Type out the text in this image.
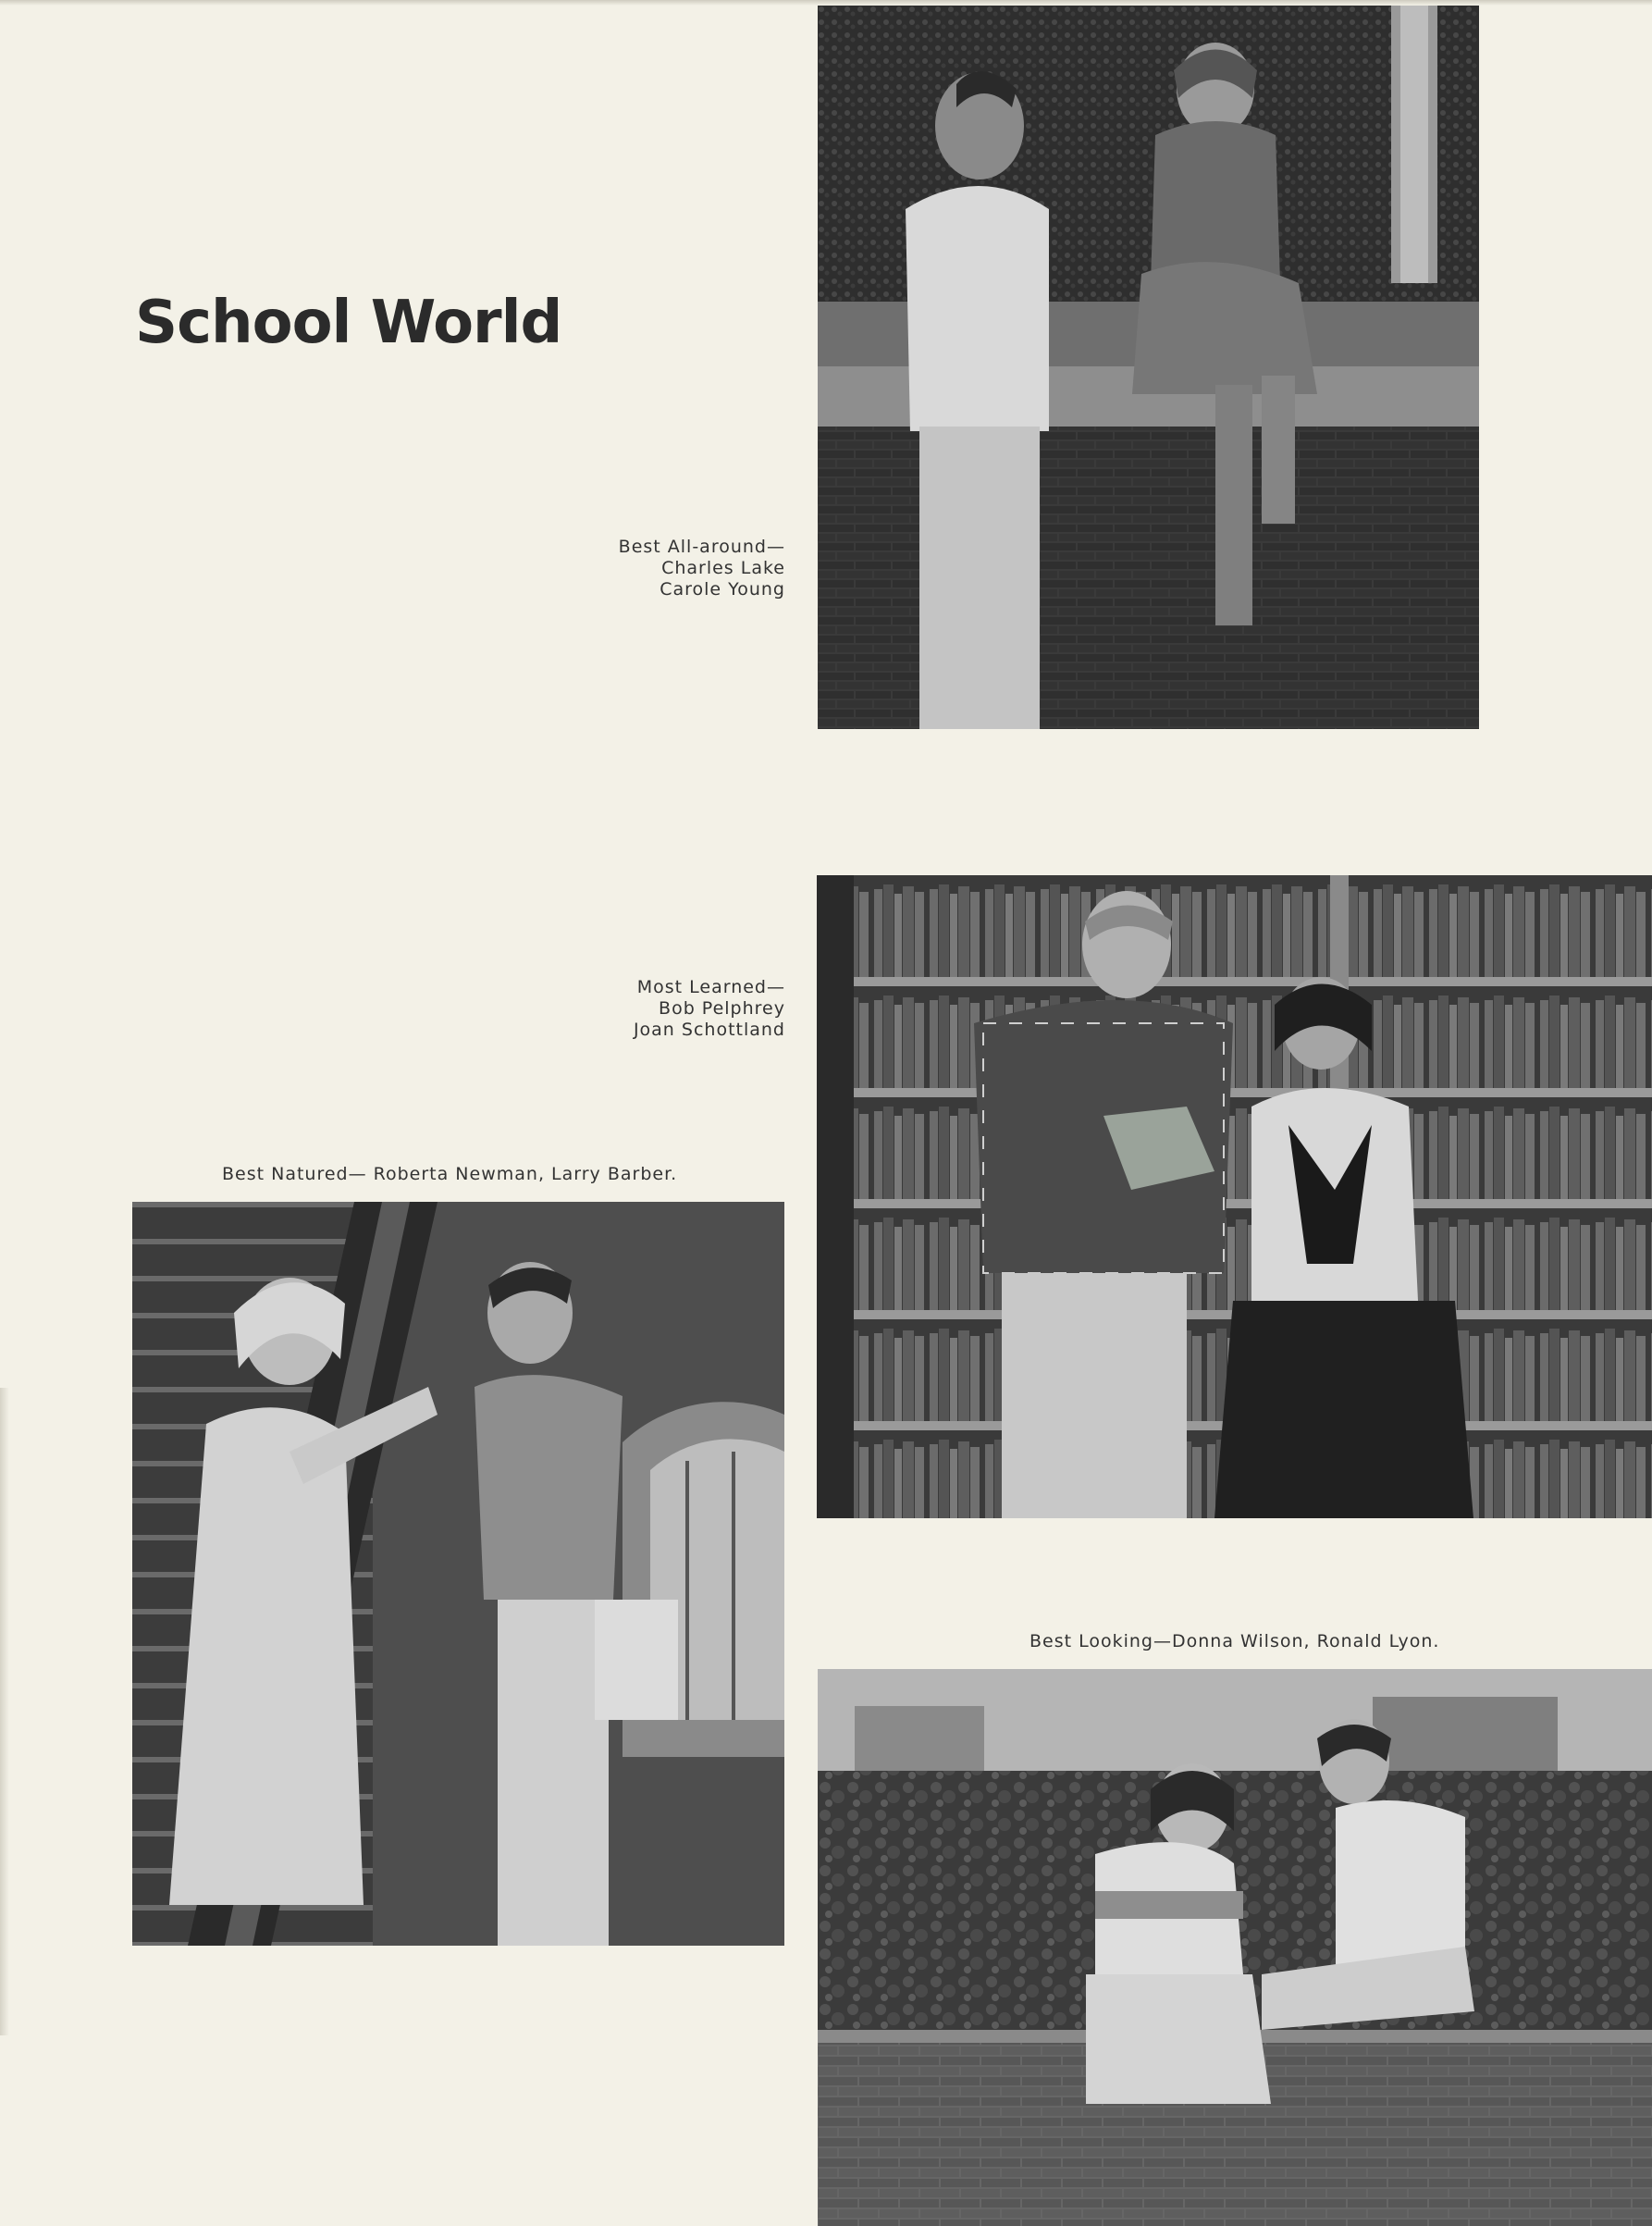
School World
Best All-around—
Charles Lake
Carole Young
Most Learned—
Bob Pelphrey
Joan Schottland
Best Natured— Roberta Newman, Larry Barber.
Best Looking—Donna Wilson, Ronald Lyon.
